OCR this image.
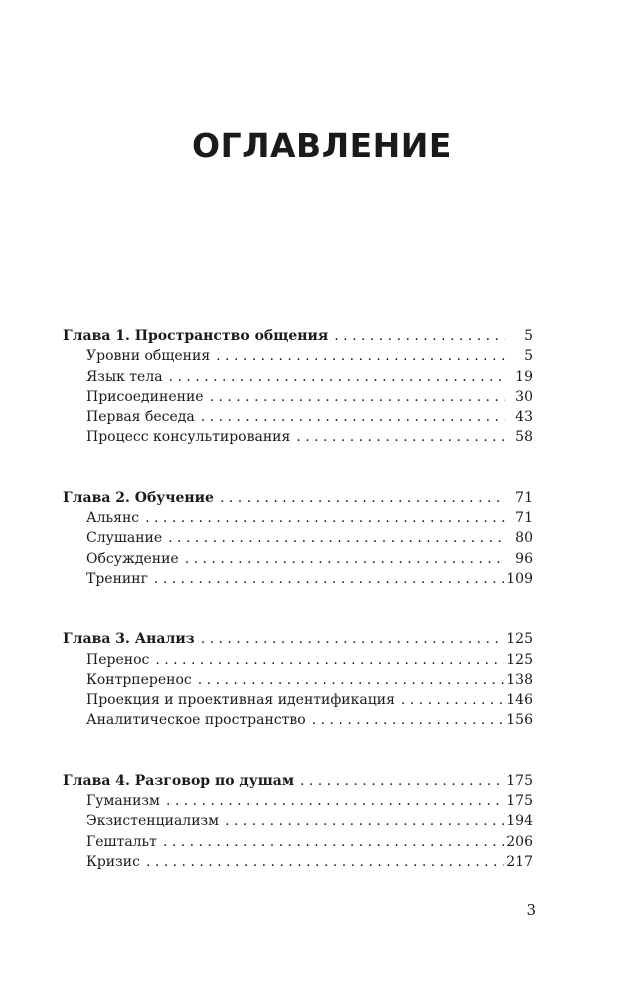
ОГЛАВЛЕНИЕ
Глава 1. Пространство общения . . .	5
Уровни общения . . .	5
Язык тела . . .	19
Присоединение . . .	30
Первая беседа . . .	43
Процесс консультирования . . .	58
Глава 2. Обучение . . .	71
Альянс . . .	71
Слушание . . .	80
Обсуждение . . .	96
Тренинг . . .	109
Глава 3. Анализ . . .	125
Перенос . . .	125
Контрперенос . . .	138
Проекция и проективная идентификация . . .	146
Аналитическое пространство . . .	156
Глава 4. Разговор по душам . . .	175
Гуманизм . . .	175
Экзистенциализм . . .	194
Гештальт . . .	206
Кризис . . .	217
3
